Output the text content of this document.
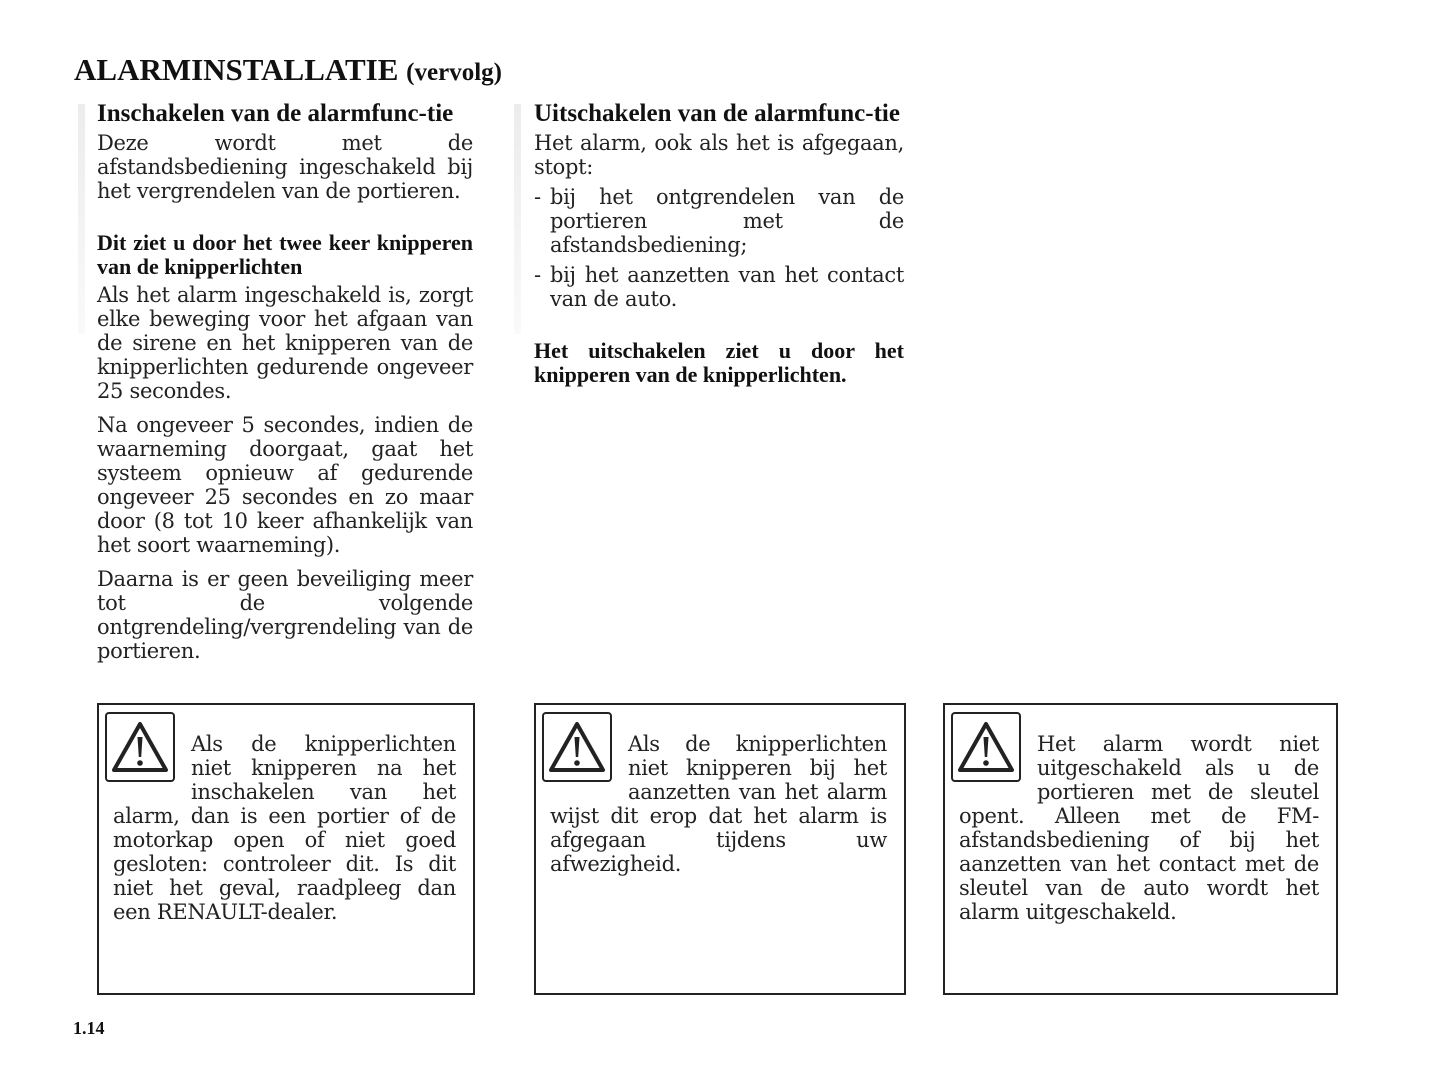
ALARMINSTALLATIE (vervolg)
Inschakelen van de alarmfunc-tie

Deze wordt met de afstandsbediening ingeschakeld bij het vergrendelen van de portieren.

Dit ziet u door het twee keer knipperen van de knipperlichten

Als het alarm ingeschakeld is, zorgt elke beweging voor het afgaan van de sirene en het knipperen van de knipperlichten gedurende ongeveer 25 secondes.

Na ongeveer 5 secondes, indien de waarneming doorgaat, gaat het systeem opnieuw af gedurende ongeveer 25 secondes en zo maar door (8 tot 10 keer afhankelijk van het soort waarneming).

Daarna is er geen beveiliging meer tot de volgende ontgrendeling/vergrendeling van de portieren.

Uitschakelen van de alarmfunc-tie

Het alarm, ook als het is afgegaan, stopt:

- bij het ontgrendelen van de portieren met de afstandsbediening;
- bij het aanzetten van het contact van de auto.

Het uitschakelen ziet u door het knipperen van de knipperlichten.

Als de knipperlichten niet knipperen na het inschakelen van het alarm, dan is een portier of de motorkap open of niet goed gesloten: controleer dit. Is dit niet het geval, raadpleeg dan een RENAULT-dealer.

Als de knipperlichten niet knipperen bij het aanzetten van het alarm wijst dit erop dat het alarm is afgegaan tijdens uw afwezigheid.

Het alarm wordt niet uitgeschakeld als u de portieren met de sleutel opent. Alleen met de FM- afstandsbediening of bij het aanzetten van het contact met de sleutel van de auto wordt het alarm uitgeschakeld.

1.14
